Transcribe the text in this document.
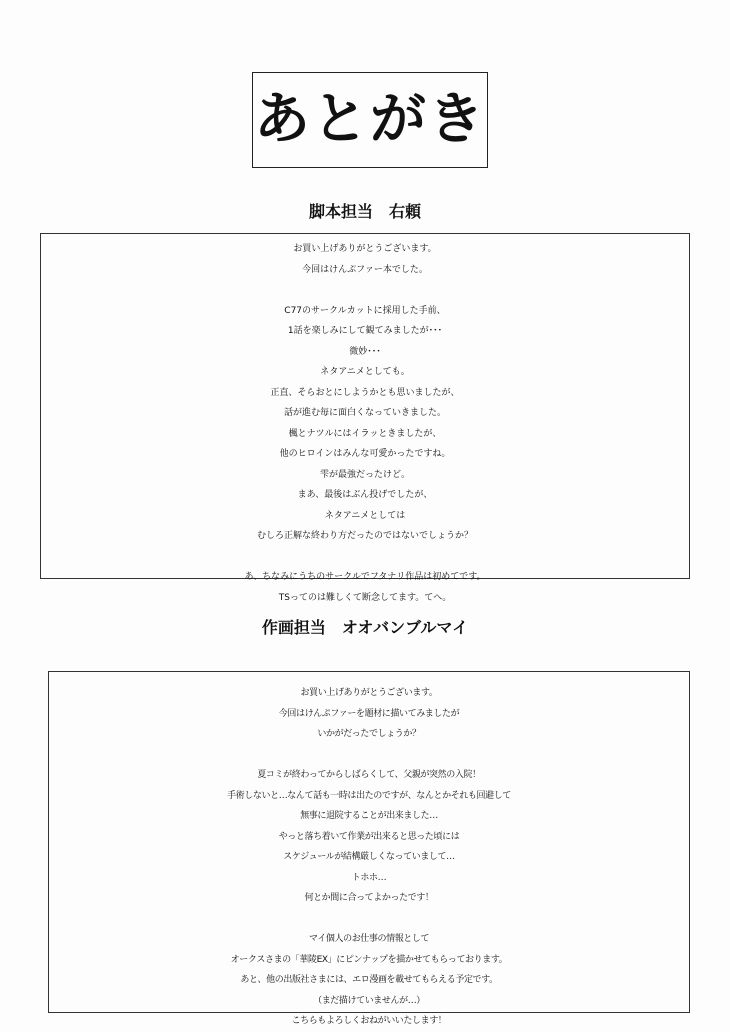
あとがき
脚本担当　右頼
お買い上げありがとうございます。
今回はけんぷファー本でした。

C77のサークルカットに採用した手前、
1話を楽しみにして観てみましたが･･･
微妙･･･
ネタアニメとしても。
正直、そらおとにしようかとも思いましたが、
話が進む毎に面白くなっていきました。
楓とナツルにはイラッときましたが、
他のヒロインはみんな可愛かったですね。
雫が最強だったけど。
まあ、最後はぶん投げでしたが、
ネタアニメとしては
むしろ正解な終わり方だったのではないでしょうか？

あ、ちなみにうちのサークルでフタナリ作品は初めてです。
TSってのは難しくて断念してます。てへ。
作画担当　オオバンブルマイ
お買い上げありがとうございます。
今回はけんぷファーを題材に描いてみましたが
いかがだったでしょうか？

夏コミが終わってからしばらくして、父親が突然の入院！
手術しないと…なんて話も一時は出たのですが、なんとかそれも回避して
無事に退院することが出来ました…
やっと落ち着いて作業が出来ると思った頃には
スケジュールが結構厳しくなっていまして…
トホホ…
何とか間に合ってよかったです！

マイ個人のお仕事の情報として
オークスさまの「華陵EX」にピンナップを描かせてもらっております。
あと、他の出版社さまには、エロ漫画を載せてもらえる予定です。
（まだ描けていませんが…）
こちらもよろしくおねがいいたします！
